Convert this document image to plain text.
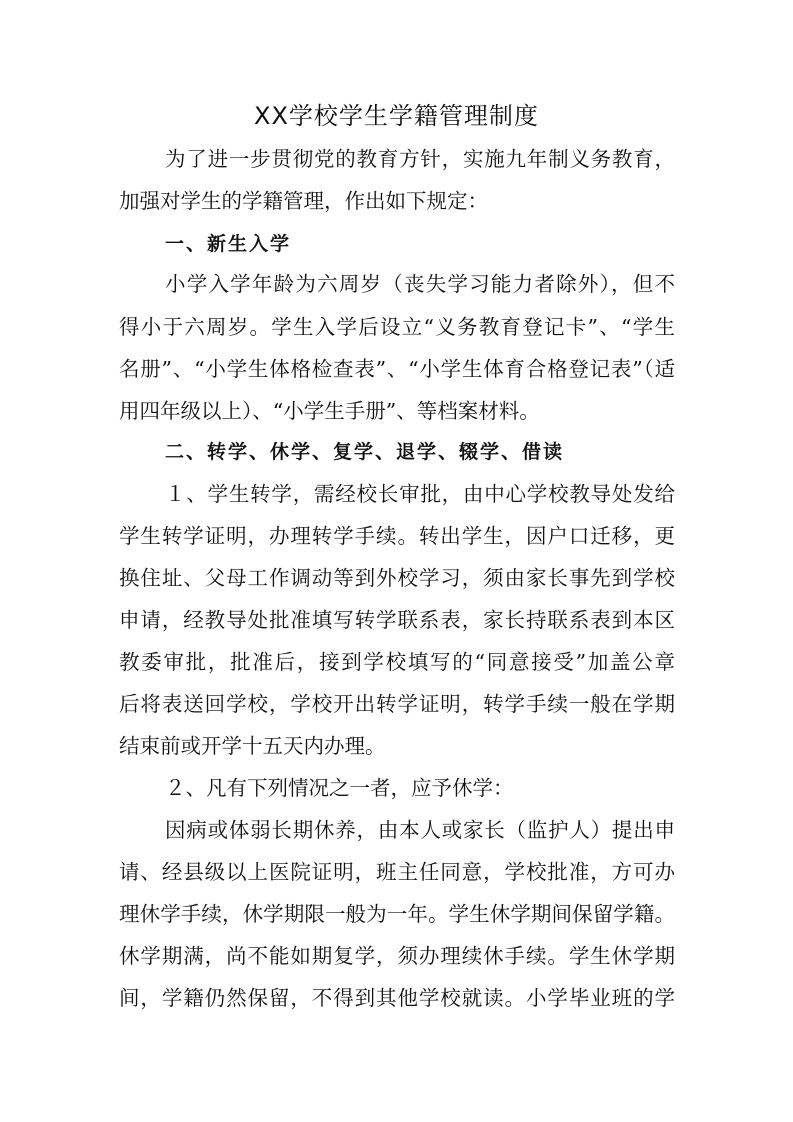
XX学校学生学籍管理制度
为了进一步贯彻党的教育方针，实施九年制义务教育，
加强对学生的学籍管理，作出如下规定：
一、新生入学
小学入学年龄为六周岁（丧失学习能力者除外），但不
得小于六周岁。学生入学后设立“义务教育登记卡”、“学生
名册”、“小学生体格检查表”、“小学生体育合格登记表”（适
用四年级以上）、“小学生手册”、等档案材料。
二、转学、休学、复学、退学、辍学、借读
１、学生转学，需经校长审批，由中心学校教导处发给
学生转学证明，办理转学手续。转出学生，因户口迁移，更
换住址、父母工作调动等到外校学习，须由家长事先到学校
申请，经教导处批准填写转学联系表，家长持联系表到本区
教委审批，批准后，接到学校填写的“同意接受”加盖公章
后将表送回学校，学校开出转学证明，转学手续一般在学期
结束前或开学十五天内办理。
２、凡有下列情况之一者，应予休学：
因病或体弱长期休养，由本人或家长（监护人）提出申
请、经县级以上医院证明，班主任同意，学校批准，方可办
理休学手续，休学期限一般为一年。学生休学期间保留学籍。
休学期满，尚不能如期复学，须办理续休手续。学生休学期
间，学籍仍然保留，不得到其他学校就读。小学毕业班的学
